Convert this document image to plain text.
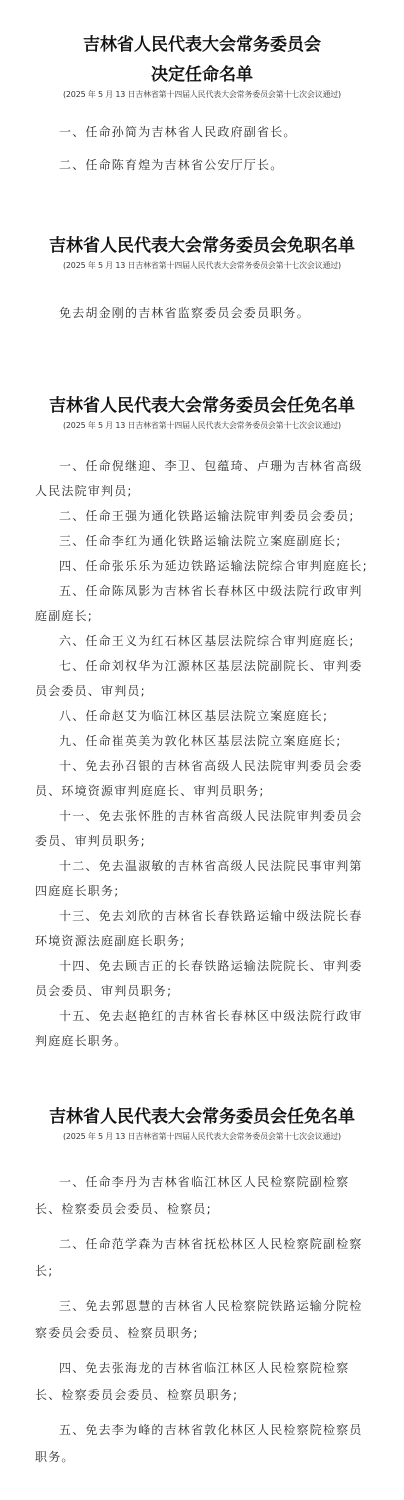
吉林省人民代表大会常务委员会
决定任命名单
(2025 年 5 月 13 日吉林省第十四届人民代表大会常务委员会第十七次会议通过)

一、任命孙简为吉林省人民政府副省长。

二、任命陈育煌为吉林省公安厅厅长。

吉林省人民代表大会常务委员会免职名单
(2025 年 5 月 13 日吉林省第十四届人民代表大会常务委员会第十七次会议通过)

免去胡金刚的吉林省监察委员会委员职务。

吉林省人民代表大会常务委员会任免名单
(2025 年 5 月 13 日吉林省第十四届人民代表大会常务委员会第十七次会议通过)

一、任命倪继迎、李卫、包蕴琦、卢珊为吉林省高级人民法院审判员;

二、任命王强为通化铁路运输法院审判委员会委员;

三、任命李红为通化铁路运输法院立案庭副庭长;

四、任命张乐乐为延边铁路运输法院综合审判庭庭长;

五、任命陈凤影为吉林省长春林区中级法院行政审判庭副庭长;

六、任命王义为红石林区基层法院综合审判庭庭长;

七、任命刘权华为江源林区基层法院副院长、审判委员会委员、审判员;

八、任命赵艾为临江林区基层法院立案庭庭长;

九、任命崔英美为敦化林区基层法院立案庭庭长;

十、免去孙召银的吉林省高级人民法院审判委员会委员、环境资源审判庭庭长、审判员职务;

十一、免去张怀胜的吉林省高级人民法院审判委员会委员、审判员职务;

十二、免去温淑敏的吉林省高级人民法院民事审判第四庭庭长职务;

十三、免去刘欣的吉林省长春铁路运输中级法院长春环境资源法庭副庭长职务;

十四、免去顾吉正的长春铁路运输法院院长、审判委员会委员、审判员职务;

十五、免去赵艳红的吉林省长春林区中级法院行政审判庭庭长职务。

吉林省人民代表大会常务委员会任免名单
(2025 年 5 月 13 日吉林省第十四届人民代表大会常务委员会第十七次会议通过)

一、任命李丹为吉林省临江林区人民检察院副检察长、检察委员会委员、检察员;

二、任命范学森为吉林省抚松林区人民检察院副检察长;

三、免去郭恩慧的吉林省人民检察院铁路运输分院检察委员会委员、检察员职务;

四、免去张海龙的吉林省临江林区人民检察院检察长、检察委员会委员、检察员职务;

五、免去李为峰的吉林省敦化林区人民检察院检察员职务。
